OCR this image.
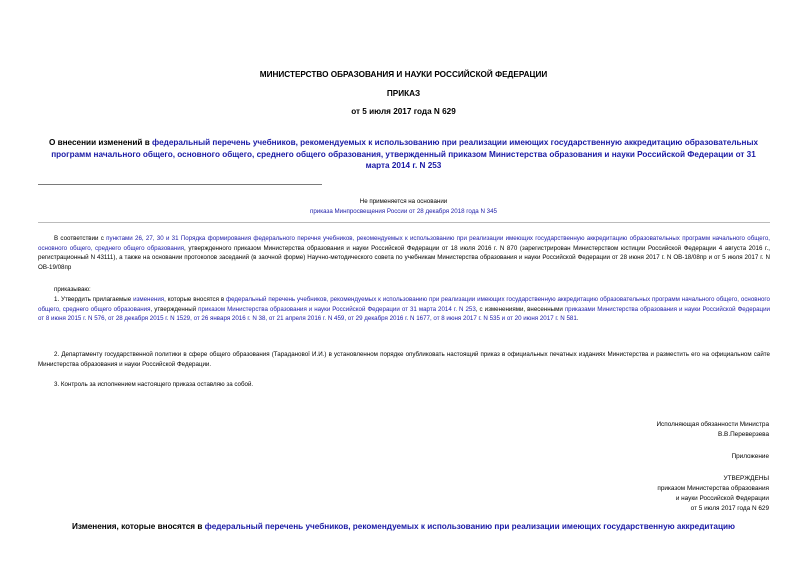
МИНИСТЕРСТВО ОБРАЗОВАНИЯ И НАУКИ РОССИЙСКОЙ ФЕДЕРАЦИИ
ПРИКАЗ
от 5 июля 2017 года N 629
О внесении изменений в федеральный перечень учебников, рекомендуемых к использованию при реализации имеющих государственную аккредитацию образовательных программ начального общего, основного общего, среднего общего образования, утвержденный приказом Министерства образования и науки Российской Федерации от 31 марта 2014 г. N 253
Не применяется на основании
приказа Минпросвещения России от 28 декабря 2018 года N 345
В соответствии с пунктами 26, 27, 30 и 31 Порядка формирования федерального перечня учебников, рекомендуемых к использованию при реализации имеющих государственную аккредитацию образовательных программ начального общего, основного общего, среднего общего образования, утвержденного приказом Министерства образования и науки Российской Федерации от 18 июля 2016 г. N 870 (зарегистрирован Министерством юстиции Российской Федерации 4 августа 2016 г., регистрационный N 43111), а также на основании протоколов заседаний (в заочной форме) Научно-методического совета по учебникам Министерства образования и науки Российской Федерации от 28 июня 2017 г. N ОВ-18/08пр и от 5 июля 2017 г. N ОВ-19/08пр
приказываю:
1. Утвердить прилагаемые изменения, которые вносятся в федеральный перечень учебников, рекомендуемых к использованию при реализации имеющих государственную аккредитацию образовательных программ начального общего, основного общего, среднего общего образования, утвержденный приказом Министерства образования и науки Российской Федерации от 31 марта 2014 г. N 253, с изменениями, внесенными приказами Министерства образования и науки Российской Федерации от 8 июня 2015 г. N 576, от 28 декабря 2015 г. N 1529, от 26 января 2016 г. N 38, от 21 апреля 2016 г. N 459, от 29 декабря 2016 г. N 1677, от 8 июня 2017 г. N 535 и от 20 июня 2017 г. N 581.
2. Департаменту государственной политики в сфере общего образования (Тараданової И.И.) в установленном порядке опубликовать настоящий приказ в официальных печатных изданиях Министерства и разместить его на официальном сайте Министерства образования и науки Российской Федерации.
3. Контроль за исполнением настоящего приказа оставляю за собой.
Исполняющая обязанности Министра
В.В.Переверзева
Приложение
УТВЕРЖДЕНЫ
приказом Министерства образования
и науки Российской Федерации
от 5 июля 2017 года N 629
Изменения, которые вносятся в федеральный перечень учебников, рекомендуемых к использованию при реализации имеющих государственную аккредитацию
